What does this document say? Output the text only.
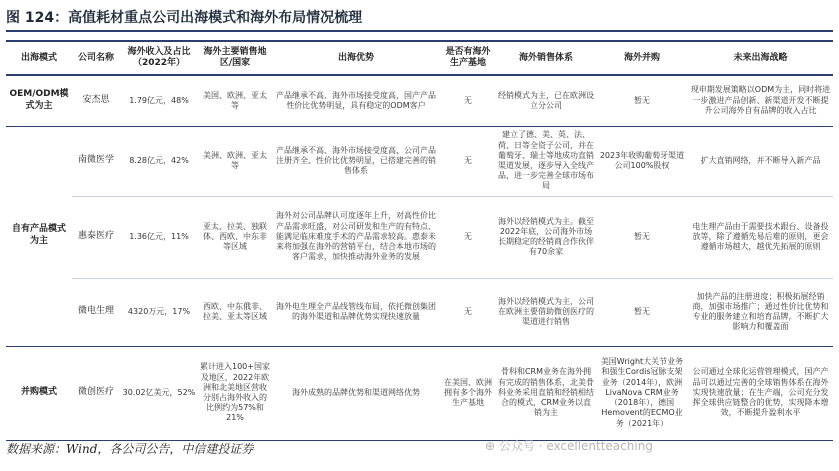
图 124：高值耗材重点公司出海模式和海外布局情况梳理
出海模式	公司名称	海外收入及占比（2022年）	海外主要销售地区/国家	出海优势	是否有海外生产基地	海外销售体系	海外并购	未来出海战略
OEM/ODM模式为主	安杰思	1.79亿元，48%	美国、欧洲、亚太等	产品继承不高、海外市场接受度高，国产产品性价比优势明显，具有稳定的ODM客户	无	经销模式为主，已在欧洲设立分公司	暂无	现申期发展策略以ODM为主，同时将进一步激进产品创新、新渠道开发不断提升公司海外自有品牌的收入占比
自有产品模式为主	南微医学	8.28亿元，42%	美洲、欧洲、亚太等	产品继承不高、海外市场接受度高，公司产品注册齐全、性价比优势明显，已搭建完善的销售体系	无	建立了德、美、英、法、荷、日等全资子公司，并在葡萄牙、瑞士等地成功直销渠道发展，逐步导入全线产品，进一步完善全球市场布局	2023年收购葡萄牙渠道公司100%股权	扩大直销网络，并不断导入新产品
	惠泰医疗	1.36亿元，11%	亚太、拉美、独联体、西欧、中东非等区域	海外对公司品牌认可度逐年上升，对高性价比产品需求旺盛，对公司研发和生产的有特点、能满足临床难度手术的产品需求较高。惠泰未来将加强在海外的营销平台，结合本地市场的客户需求，加快推动海外业务的发展	无	海外以经销模式为主。截至2022年底，公司海外市场长期稳定的经销商合作伙伴有70余家	暂无	电生理产品由于需要技术跟台、设备投放等，除了遵循先易后难的原则，更会遵循市场越大，越优先拓展的原则
	微电生理	4320万元，17%	西欧、中东俄非、拉美、亚太等区域	海外电生理全产品线管线布局，依托微创集团的海外渠道和品牌优势实现快速放量	无	海外以经销模式为主，公司在欧洲主要借助微创医疗的渠道进行销售	暂无	加快产品的注册进度；积极拓展经销商，加强市场推广；通过性价比优势和专业的服务建立和培育品牌，不断扩大影响力和覆盖面
并购模式	微创医疗	30.02亿美元，52%	累计进入100+国家及地区，2022年欧洲和北美地区营收分别占海外收入的比例约为57%和21%	海外成熟的品牌优势和渠道网络优势	在美国、欧洲拥有多个海外生产基地	骨科和CRM业务在海外拥有完成的销售体系，北美骨科业务采用直销和经销相结合的模式，CRM业务以直销为主	美国Wright大关节业务和强生Cordis冠脉支架业务（2014年），欧洲LivaNova CRM业务（2018年），德国Hemovent的ECMO业务（2021年）	公司通过全球化运营管理模式，国产产品可以通过完善的全球销售体系在海外实现快速放量；在生产端，公司充分发挥全球供应链整合的优势，实现降本增效，不断提升盈利水平
数据来源：Wind，各公司公告，中信建投证券	⊕ 公众号 · excellentteaching
